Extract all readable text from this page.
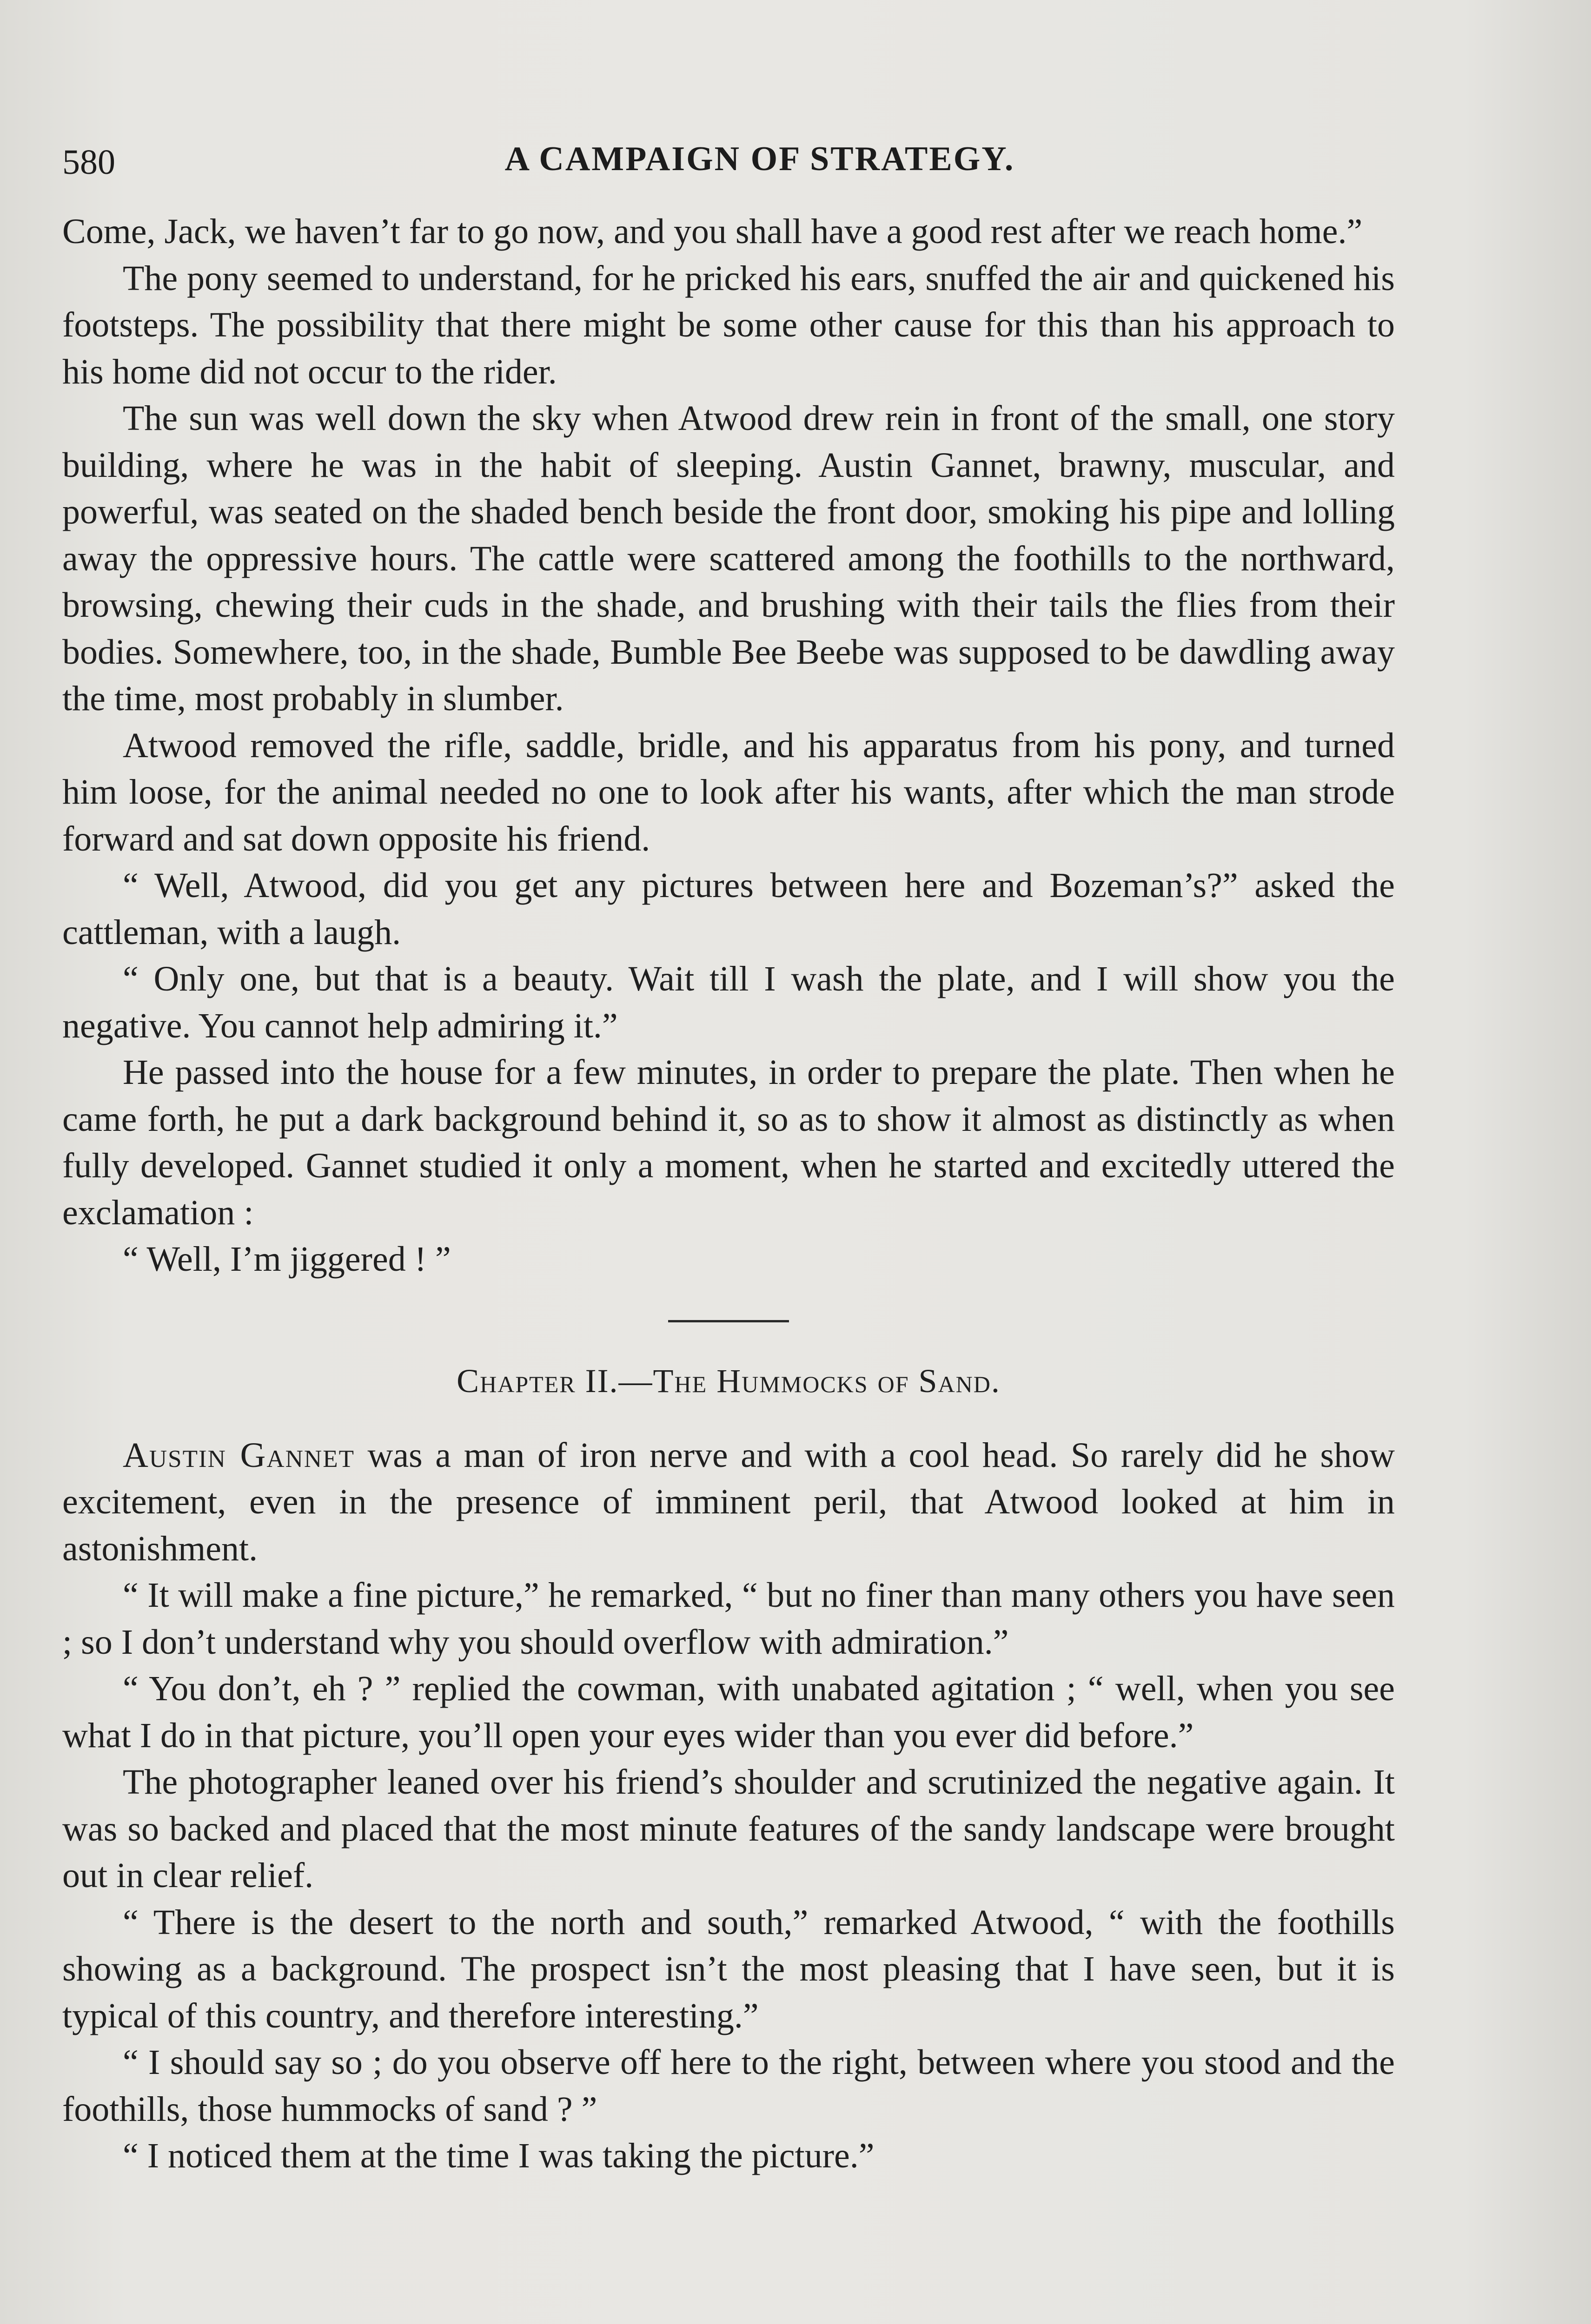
580	A CAMPAIGN OF STRATEGY.

Come, Jack, we haven’t far to go now, and you shall have a good rest after we reach home.”

The pony seemed to understand, for he pricked his ears, snuffed the air and quickened his footsteps. The possibility that there might be some other cause for this than his approach to his home did not occur to the rider.

The sun was well down the sky when Atwood drew rein in front of the small, one story building, where he was in the habit of sleeping. Austin Gannet, brawny, muscular, and powerful, was seated on the shaded bench beside the front door, smoking his pipe and lolling away the oppressive hours. The cattle were scattered among the foothills to the northward, browsing, chewing their cuds in the shade, and brushing with their tails the flies from their bodies. Somewhere, too, in the shade, Bumble Bee Beebe was supposed to be dawdling away the time, most probably in slumber.

Atwood removed the rifle, saddle, bridle, and his apparatus from his pony, and turned him loose, for the animal needed no one to look after his wants, after which the man strode forward and sat down opposite his friend.

“ Well, Atwood, did you get any pictures between here and Bozeman’s?” asked the cattleman, with a laugh.

“ Only one, but that is a beauty. Wait till I wash the plate, and I will show you the negative. You cannot help admiring it.”

He passed into the house for a few minutes, in order to prepare the plate. Then when he came forth, he put a dark background behind it, so as to show it almost as distinctly as when fully developed. Gannet studied it only a moment, when he started and excitedly uttered the exclamation :

“ Well, I’m jiggered ! ”

Chapter II.—The Hummocks of Sand.

Austin Gannet was a man of iron nerve and with a cool head. So rarely did he show excitement, even in the presence of imminent peril, that Atwood looked at him in astonishment.

“ It will make a fine picture,” he remarked, “ but no finer than many others you have seen ; so I don’t understand why you should overflow with admiration.”

“ You don’t, eh ? ” replied the cowman, with unabated agitation ; “ well, when you see what I do in that picture, you’ll open your eyes wider than you ever did before.”

The photographer leaned over his friend’s shoulder and scrutinized the negative again. It was so backed and placed that the most minute features of the sandy landscape were brought out in clear relief.

“ There is the desert to the north and south,” remarked Atwood, “ with the foothills showing as a background. The prospect isn’t the most pleasing that I have seen, but it is typical of this country, and therefore interesting.”

“ I should say so ; do you observe off here to the right, between where you stood and the foothills, those hummocks of sand ? ”

“ I noticed them at the time I was taking the picture.”
